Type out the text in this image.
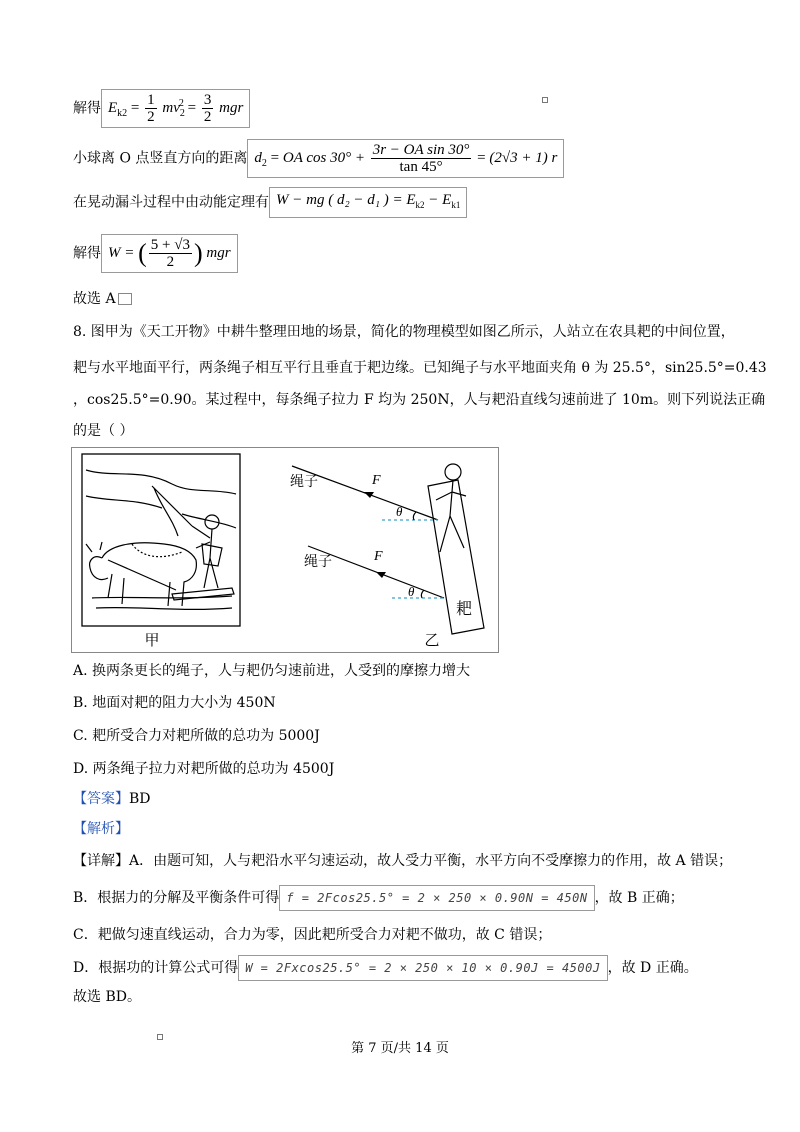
解得 $E_{k2} = \frac{1}{2} mv_2^2 = \frac{3}{2}$ mgr
小球离 O 点竖直方向的距离 $d_2$ = OA $\cos 30^\circ + \frac{\text{3r − OA sin 30°}}{\tan 45^\circ} = (2√3 + 1)$ r
在晃动漏斗过程中由动能定理有 W − mg ( d₂ − d₁ ) = $E_{k2} - E_{k1}$
解得 W = ( $\frac{5 + √3}{2}$ ) mgr
故选 A
8. 图甲为《天工开物》中耕牛整理田地的场景，简化的物理模型如图乙所示，人站立在农具耙的中间位置，
耙与水平地面平行，两条绳子相互平行且垂直于耙边缘。已知绳子与水平地面夹角 θ 为 25.5°，sin25.5°=0.43
，cos25.5°=0.90。某过程中，每条绳子拉力 F 均为 250N，人与耙沿直线匀速前进了 10m。则下列说法正确
的是（ ）
甲
绳子
绳子
F
F
θ
θ
耙
乙
A. 换两条更长的绳子，人与耙仍匀速前进，人受到的摩擦力增大
B. 地面对耙的阻力大小为 450N
C. 耙所受合力对耙所做的总功为 5000J
D. 两条绳子拉力对耙所做的总功为 4500J
【答案】BD
【解析】
【详解】A．由题可知，人与耙沿水平匀速运动，故人受力平衡，水平方向不受摩擦力的作用，故 A 错误；
B．根据力的分解及平衡条件可得 f = 2Fcos25.5° = 2 × 250 × 0.90N = 450N ，故 B 正确；
C．耙做匀速直线运动，合力为零，因此耙所受合力对耙不做功，故 C 错误；
D．根据功的计算公式可得 W = 2Fxcos25.5° = 2 × 250 × 10 × 0.90J = 4500J ，故 D 正确。
故选 BD。
第 7 页/共 14 页
